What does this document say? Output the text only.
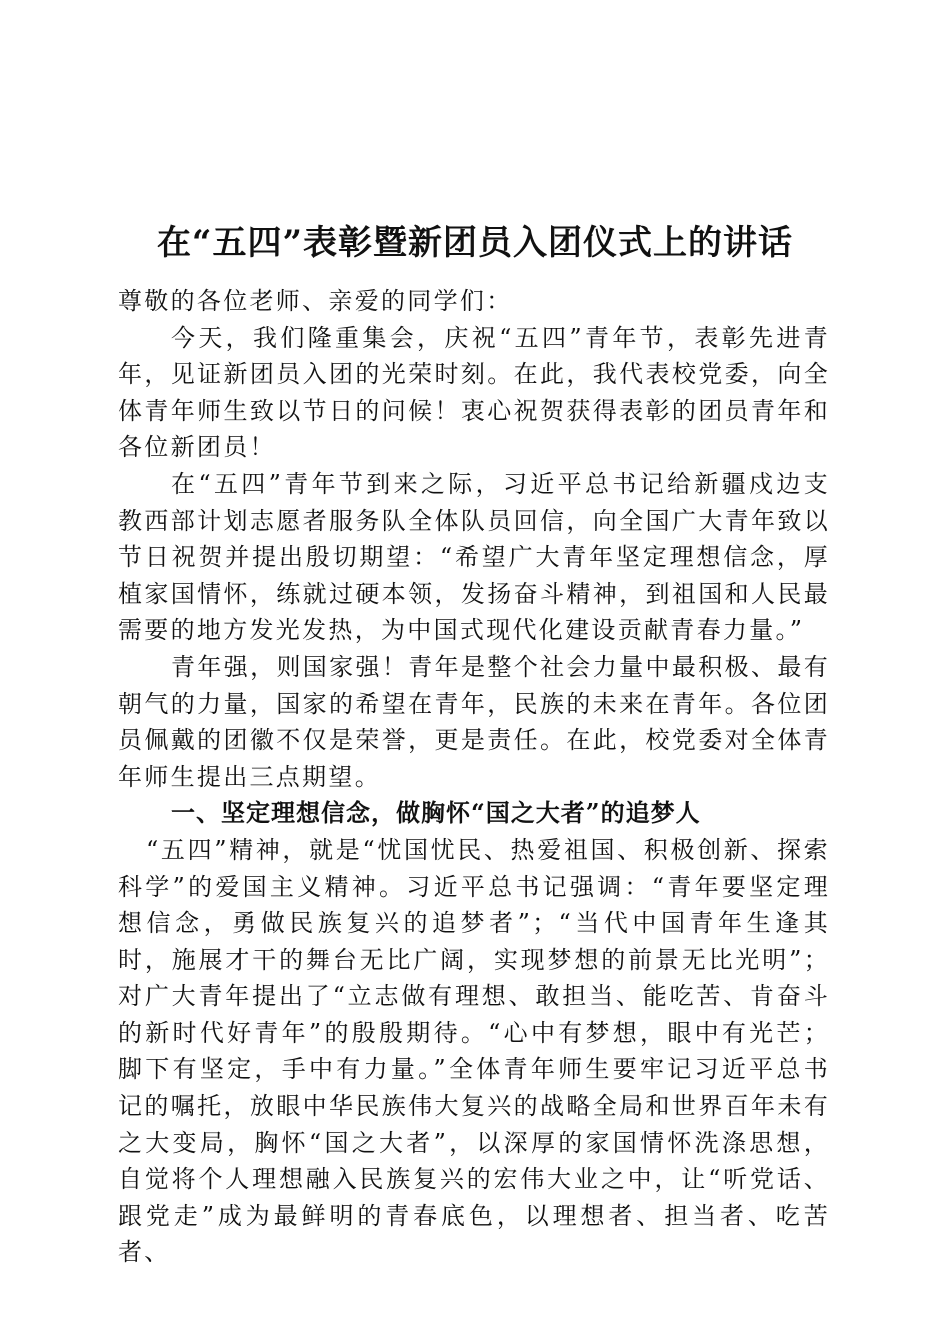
在“五四”表彰暨新团员入团仪式上的讲话

尊敬的各位老师、亲爱的同学们：

今天，我们隆重集会，庆祝“五四”青年节，表彰先进青年，见证新团员入团的光荣时刻。在此，我代表校党委，向全体青年师生致以节日的问候！衷心祝贺获得表彰的团员青年和各位新团员！

在“五四”青年节到来之际，习近平总书记给新疆戍边支教西部计划志愿者服务队全体队员回信，向全国广大青年致以节日祝贺并提出殷切期望：“希望广大青年坚定理想信念，厚植家国情怀，练就过硬本领，发扬奋斗精神，到祖国和人民最需要的地方发光发热，为中国式现代化建设贡献青春力量。”

青年强，则国家强！青年是整个社会力量中最积极、最有朝气的力量，国家的希望在青年，民族的未来在青年。各位团员佩戴的团徽不仅是荣誉，更是责任。在此，校党委对全体青年师生提出三点期望。

一、坚定理想信念，做胸怀“国之大者”的追梦人

“五四”精神，就是“忧国忧民、热爱祖国、积极创新、探索科学”的爱国主义精神。习近平总书记强调：“青年要坚定理想信念，勇做民族复兴的追梦者”；“当代中国青年生逢其时，施展才干的舞台无比广阔，实现梦想的前景无比光明”；对广大青年提出了“立志做有理想、敢担当、能吃苦、肯奋斗的新时代好青年”的殷殷期待。“心中有梦想，眼中有光芒；脚下有坚定，手中有力量。”全体青年师生要牢记习近平总书记的嘱托，放眼中华民族伟大复兴的战略全局和世界百年未有之大变局，胸怀“国之大者”，以深厚的家国情怀洗涤思想，自觉将个人理想融入民族复兴的宏伟大业之中，让“听党话、跟党走”成为最鲜明的青春底色，以理想者、担当者、吃苦者、
